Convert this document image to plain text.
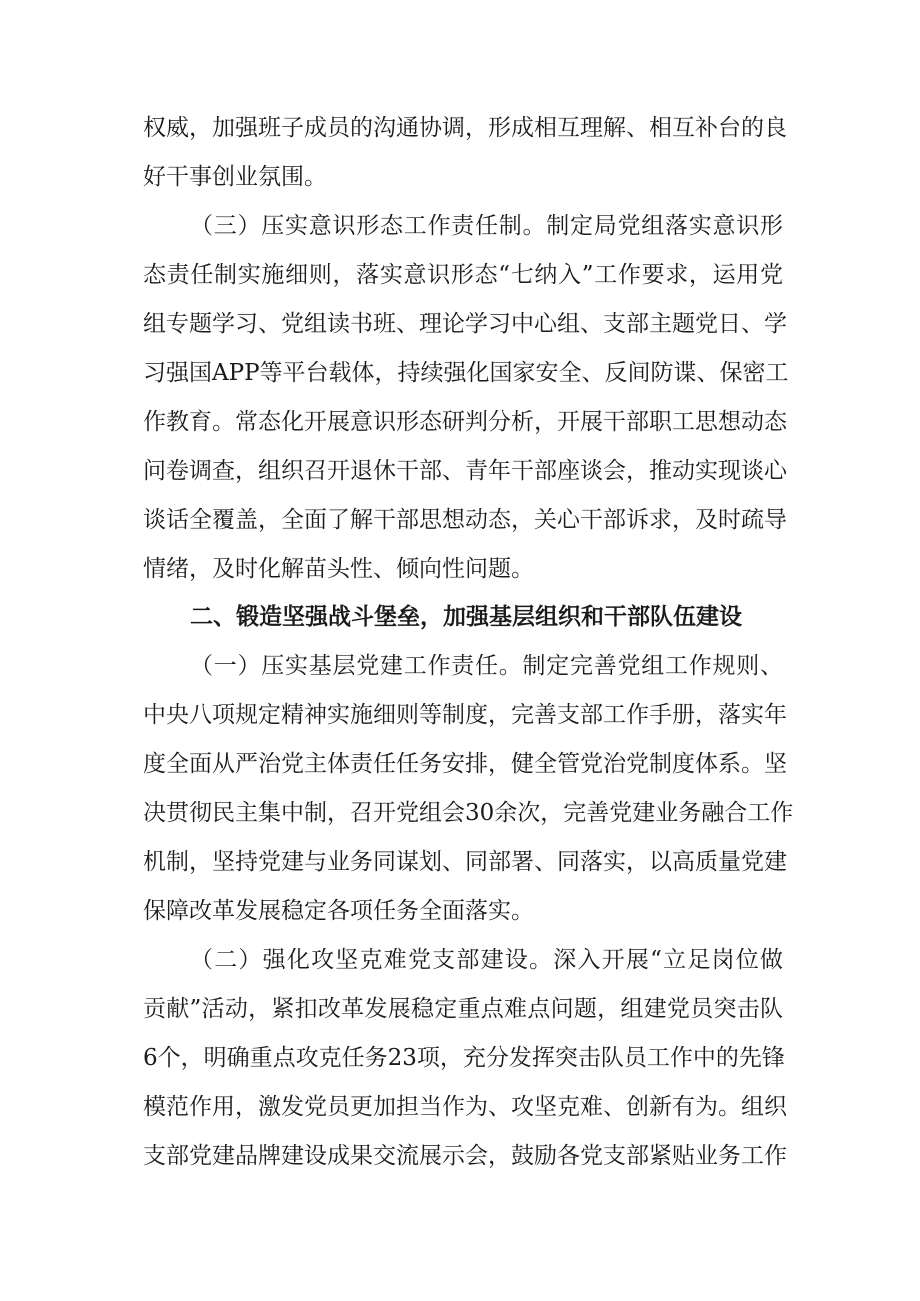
权威，加强班子成员的沟通协调，形成相互理解、相互补台的良
好干事创业氛围。
（三）压实意识形态工作责任制。制定局党组落实意识形
态责任制实施细则，落实意识形态“七纳入”工作要求，运用党
组专题学习、党组读书班、理论学习中心组、支部主题党日、学
习强国APP等平台载体，持续强化国家安全、反间防谍、保密工
作教育。常态化开展意识形态研判分析，开展干部职工思想动态
问卷调查，组织召开退休干部、青年干部座谈会，推动实现谈心
谈话全覆盖，全面了解干部思想动态，关心干部诉求，及时疏导
情绪，及时化解苗头性、倾向性问题。
二、锻造坚强战斗堡垒，加强基层组织和干部队伍建设
（一）压实基层党建工作责任。制定完善党组工作规则、
中央八项规定精神实施细则等制度，完善支部工作手册，落实年
度全面从严治党主体责任任务安排，健全管党治党制度体系。坚
决贯彻民主集中制，召开党组会30余次，完善党建业务融合工作
机制，坚持党建与业务同谋划、同部署、同落实，以高质量党建
保障改革发展稳定各项任务全面落实。
（二）强化攻坚克难党支部建设。深入开展“立足岗位做
贡献”活动，紧扣改革发展稳定重点难点问题，组建党员突击队
6个，明确重点攻克任务23项，充分发挥突击队员工作中的先锋
模范作用，激发党员更加担当作为、攻坚克难、创新有为。组织
支部党建品牌建设成果交流展示会，鼓励各党支部紧贴业务工作
